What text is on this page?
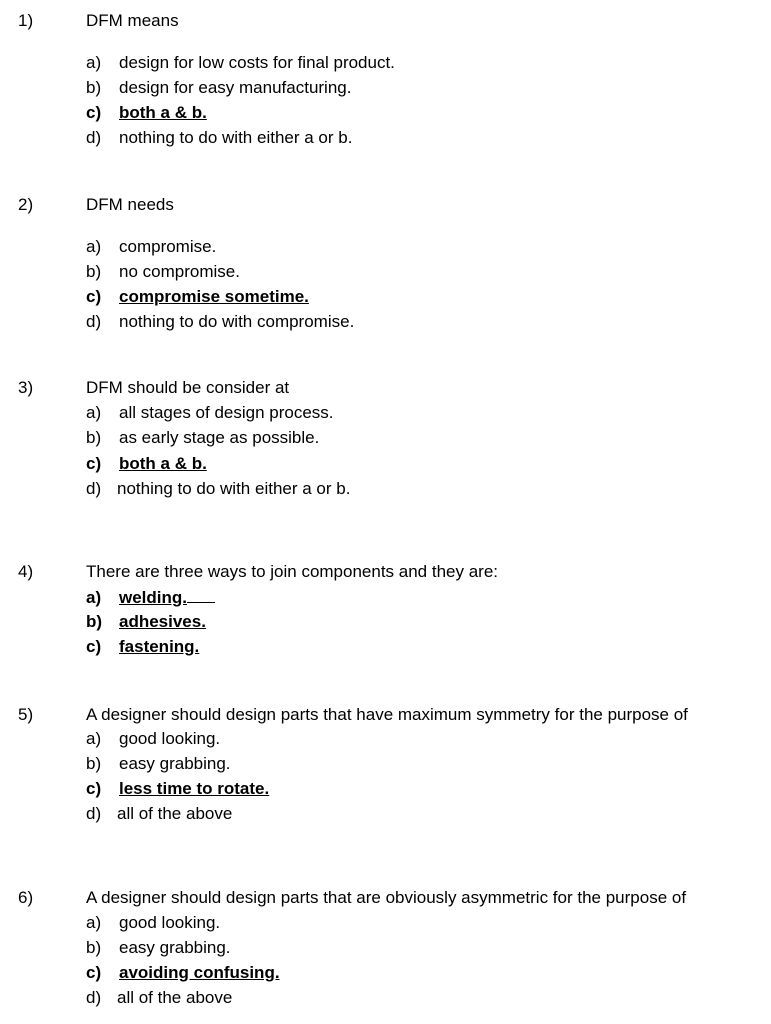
1)	DFM means
a) design for low costs for final product.
b) design for easy manufacturing.
c) both a & b.
d) nothing to do with either a or b.
2)	DFM needs
a) compromise.
b) no compromise.
c) compromise sometime.
d) nothing to do with compromise.
3)	DFM should be consider at
a) all stages of design process.
b) as early stage as possible.
c) both a & b.
d) nothing to do with either a or b.
4)	There are three ways to join components and they are:
a) welding.
b) adhesives.
c) fastening.
5)	A designer should design parts that have maximum symmetry for the purpose of
a) good looking.
b) easy grabbing.
c) less time to rotate.
d) all of the above
6)	A designer should design parts that are obviously asymmetric for the purpose of
a) good looking.
b) easy grabbing.
c) avoiding confusing.
d) all of the above
